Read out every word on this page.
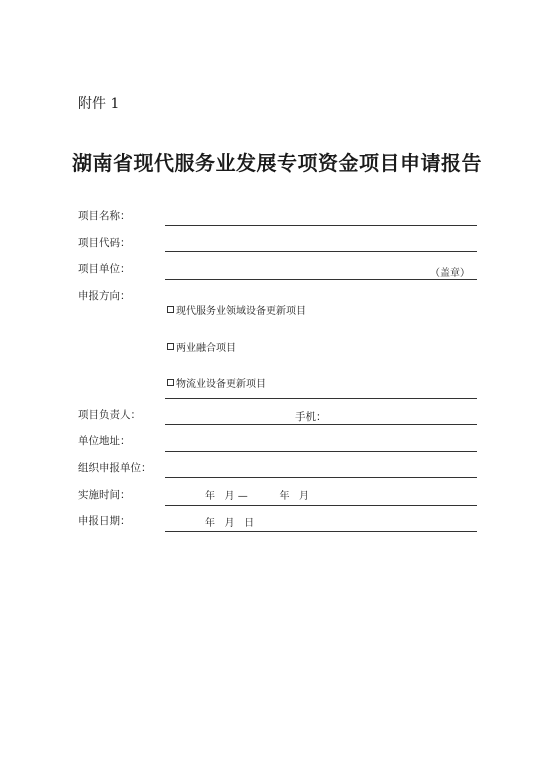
附件 1
湖南省现代服务业发展专项资金项目申请报告
项目名称：
项目代码：
项目单位：	（盖章）
申报方向：
现代服务业领域设备更新项目
两业融合项目
物流业设备更新项目
项目负责人：	手机：
单位地址：
组织申报单位：
实施时间：	年   月 —          年   月
申报日期：	年   月   日
